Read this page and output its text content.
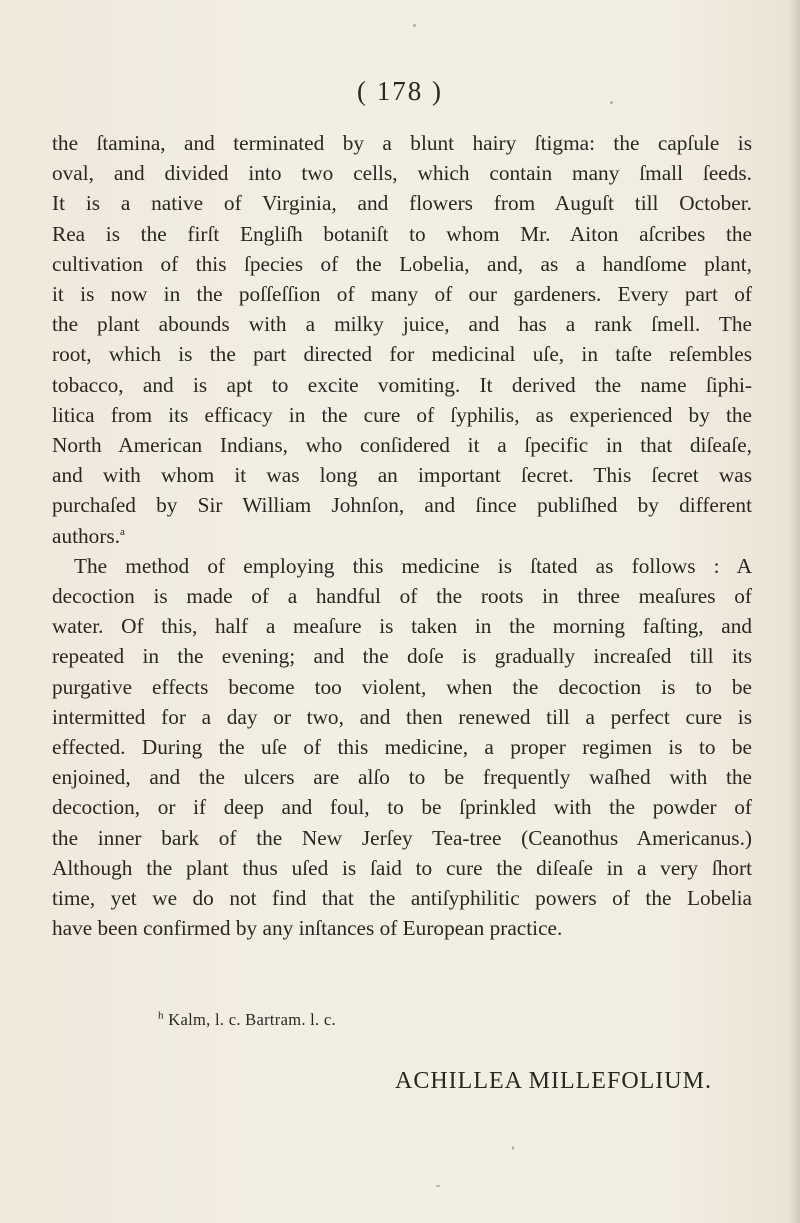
( 178 )
the ſtamina, and terminated by a blunt hairy ſtigma: the capſule is
oval, and divided into two cells, which contain many ſmall ſeeds.
It is a native of Virginia, and flowers from Auguſt till October.
Rea is the firſt Engliſh botaniſt to whom Mr. Aiton aſcribes the
cultivation of this ſpecies of the Lobelia, and, as a handſome plant,
it is now in the poſſeſſion of many of our gardeners. Every part of
the plant abounds with a milky juice, and has a rank ſmell. The
root, which is the part directed for medicinal uſe, in taſte reſembles
tobacco, and is apt to excite vomiting. It derived the name ſiphi-
litica from its efficacy in the cure of ſyphilis, as experienced by the
North American Indians, who conſidered it a ſpecific in that diſeaſe,
and with whom it was long an important ſecret. This ſecret was
purchaſed by Sir William Johnſon, and ſince publiſhed by different
authors.$^a$
The method of employing this medicine is ſtated as follows : A
decoction is made of a handful of the roots in three meaſures of
water. Of this, half a meaſure is taken in the morning faſting, and
repeated in the evening; and the doſe is gradually increaſed till its
purgative effects become too violent, when the decoction is to be
intermitted for a day or two, and then renewed till a perfect cure is
effected. During the uſe of this medicine, a proper regimen is to be
enjoined, and the ulcers are alſo to be frequently waſhed with the
decoction, or if deep and foul, to be ſprinkled with the powder of
the inner bark of the New Jerſey Tea-tree (Ceanothus Americanus.)
Although the plant thus uſed is ſaid to cure the diſeaſe in a very ſhort
time, yet we do not find that the antiſyphilitic powers of the Lobelia
have been confirmed by any inſtances of European practice.
$^h$ Kalm, l. c. Bartram. l. c.
ACHILLEA MILLEFOLIUM.
